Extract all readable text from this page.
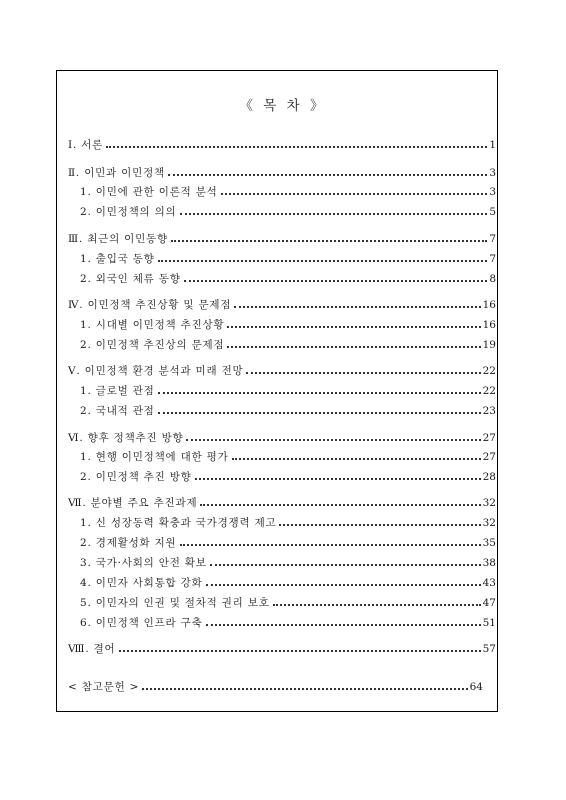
《 목 차 》
Ⅰ. 서론	1
Ⅱ. 이민과 이민정책	3
1. 이민에 관한 이론적 분석	3
2. 이민정책의 의의	5
Ⅲ. 최근의 이민동향	7
1. 출입국 동향	7
2. 외국인 체류 동향	8
Ⅳ. 이민정책 추진상황 및 문제점	16
1. 시대별 이민정책 추진상황	16
2. 이민정책 추진상의 문제점	19
Ⅴ. 이민정책 환경 분석과 미래 전망	22
1. 글로벌 관점	22
2. 국내적 관점	23
Ⅵ. 향후 정책추진 방향	27
1. 현행 이민정책에 대한 평가	27
2. 이민정책 추진 방향	28
Ⅶ. 분야별 주요 추진과제	32
1. 신 성장동력 확충과 국가경쟁력 제고	32
2. 경제활성화 지원	35
3. 국가·사회의 안전 확보	38
4. 이민자 사회통합 강화	43
5. 이민자의 인권 및 절차적 권리 보호	47
6. 이민정책 인프라 구축	51
Ⅷ. 결어	57
< 참고문헌 >	64
